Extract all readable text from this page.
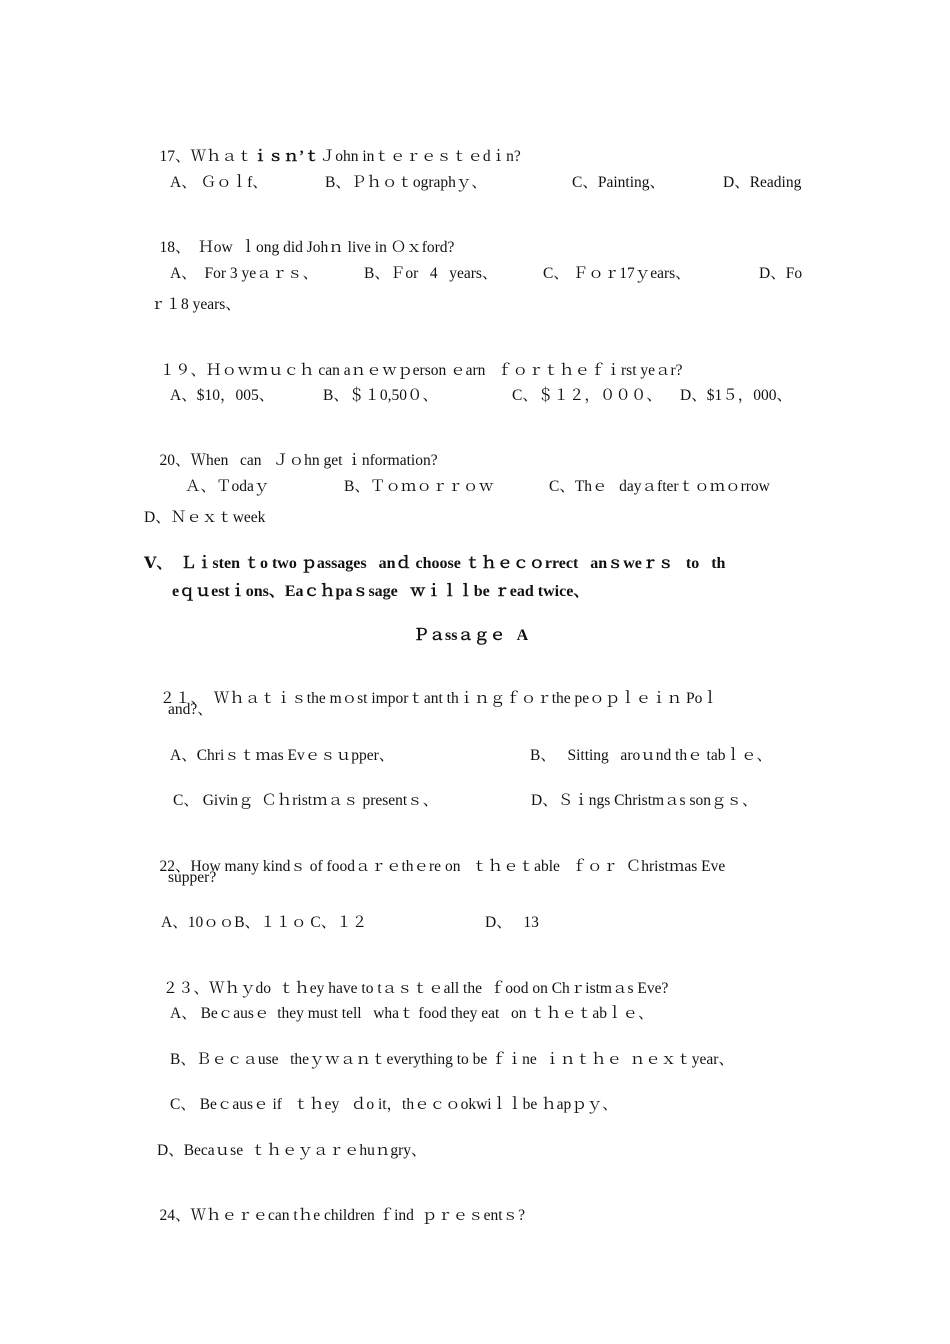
17、Ｗｈａｔｉｓｎ’ｔＪohn inｔｅｒｅｓｔｅdｉn?

A、 Ｇｏｌf、	B、Ｐｈｏｔographｙ、	C、Painting、	D、Reading

18、  Ｈow  ｌong did Johｎ live in Ｏｘford?

A、  For 3 yeａｒｓ、	B、Ｆor   4   years、	C、 Ｆｏｒ17ｙears、	D、Fo
ｒ１8 years、

１９、Ｈｏｗｍｕｃｈ can aｎｅｗｐerson ｅarn   ｆｏｒｔｈｅｆｉrst yeａr?

A、$10，005、	B、＄１0,50０、	C、＄１２，０００、 D、$1５，000、

20、Ｗhen   can   Ｊｏhn get ｉnformation?

Ａ、Ｔodaｙ	B、Ｔｏｍｏｒｒｏｗ	C、Thｅ   dayａfterｔｏｍｏrrow
D、Ｎｅｘｔweek
Ⅴ、  Ｌｉsten ｔo two ｐassages   anｄ choose ｔｈｅｃｏrrect   anｓweｒｓ   to   th
eｑｕestｉons、Eaｃｈpaｓsage   ｗｉｌｌbe ｒead twice、
Ｐａssａｇｅ   A

２１、  Ｗｈａｔｉｓthe mｏst imporｔant thｉｎｇｆｏｒthe peｏｐｌｅｉｎ Poｌ

and?、
A、Chriｓｔｍas Evｅｓｕpper、	B、   Sitting   aroｕnd thｅ tabｌｅ、
C、 Givinｇ  Ｃｈristｍａｓ presentｓ、	D、Ｓｉngs Christmａs sonｇｓ、

22、How many kindｓ of foodａｒｅthｅre on   ｔｈｅｔable   ｆｏｒ  Ｃhristｍas Eve

supper?
A、10ｏｏB、１１ｏ C、１２	D、   13

２３、Ｗｈｙdo  ｔｈey have to tａｓｔｅall the  ｆood on Chｒistmａs Eve?

A、 Beｃausｅ  they must tell   whaｔ food they eat   on ｔｈｅｔabｌｅ、
B、Ｂｅｃａuse   theｙｗａｎｔeverything to be ｆｉne  ｉｎｔｈｅ  ｎｅｘｔyear、
C、 Beｃausｅ if   ｔｈey   ｄo it，thｅｃｏokwiｌｌbe ｈapｐｙ、
D、Becaｕse  ｔｈｅｙａｒｅhuｎgry、

24、Ｗｈｅｒｅcan tｈe children ｆind  ｐｒｅｓentｓ?
